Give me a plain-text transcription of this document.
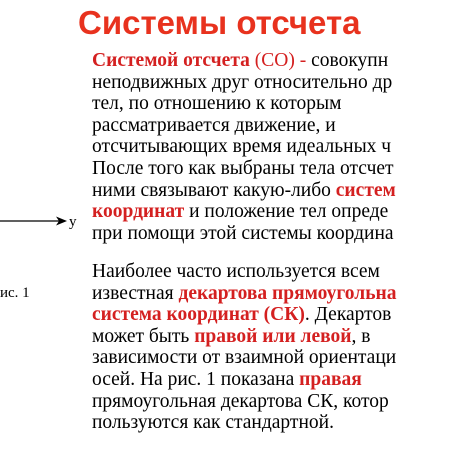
Системы отсчета
y
ис. 1
Системой отсчета (СО) - совокупн
неподвижных друг относительно др
тел, по отношению к которым
рассматривается движение, и
отсчитывающих время идеальных ч
После того как выбраны тела отсчет
ними связывают какую-либо систем
координат и положение тел опреде
при помощи этой системы координа
Наиболее часто используется всем
известная декартова прямоугольна
система координат (СК). Декартов
может быть правой или левой, в
зависимости от взаимной ориентаци
осей. На рис. 1 показана правая
прямоугольная декартова СК, котор
пользуются как стандартной.
